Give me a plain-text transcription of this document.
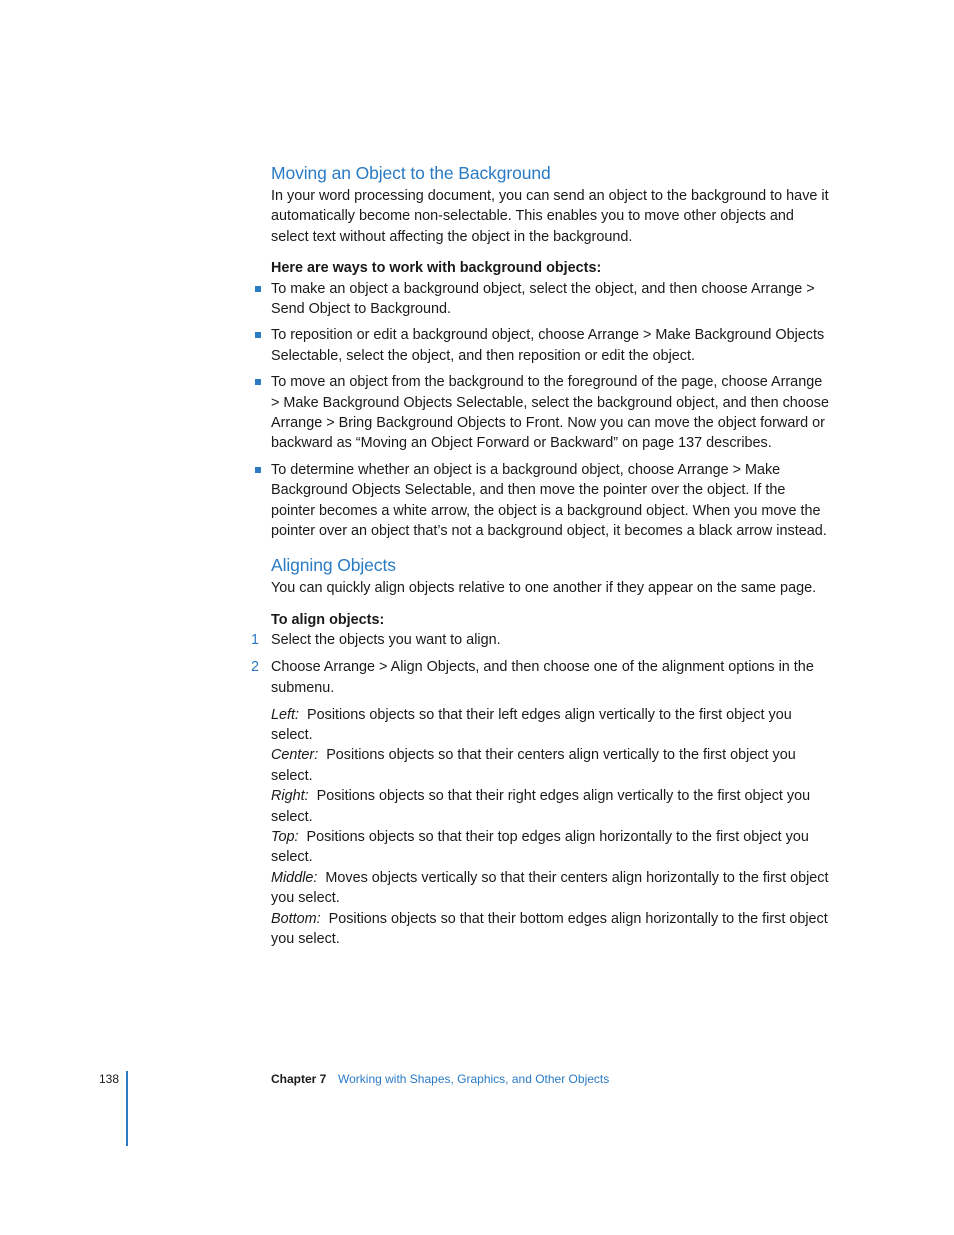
Moving an Object to the Background

In your word processing document, you can send an object to the background to have it automatically become non-selectable. This enables you to move other objects and select text without affecting the object in the background.

Here are ways to work with background objects:

To make an object a background object, select the object, and then choose Arrange > Send Object to Background.
To reposition or edit a background object, choose Arrange > Make Background Objects Selectable, select the object, and then reposition or edit the object.
To move an object from the background to the foreground of the page, choose Arrange > Make Background Objects Selectable, select the background object, and then choose Arrange > Bring Background Objects to Front. Now you can move the object forward or backward as “Moving an Object Forward or Backward” on page 137 describes.
To determine whether an object is a background object, choose Arrange > Make Background Objects Selectable, and then move the pointer over the object. If the pointer becomes a white arrow, the object is a background object. When you move the pointer over an object that’s not a background object, it becomes a black arrow instead.
Aligning Objects

You can quickly align objects relative to one another if they appear on the same page.

To align objects:

1 Select the objects you want to align.
2 Choose Arrange > Align Objects, and then choose one of the alignment options in the submenu.

Left: Positions objects so that their left edges align vertically to the first object you select.

Center: Positions objects so that their centers align vertically to the first object you select.

Right: Positions objects so that their right edges align vertically to the first object you select.

Top: Positions objects so that their top edges align horizontally to the first object you select.

Middle: Moves objects vertically so that their centers align horizontally to the first object you select.

Bottom: Positions objects so that their bottom edges align horizontally to the first object you select.

138	Chapter 7 Working with Shapes, Graphics, and Other Objects
